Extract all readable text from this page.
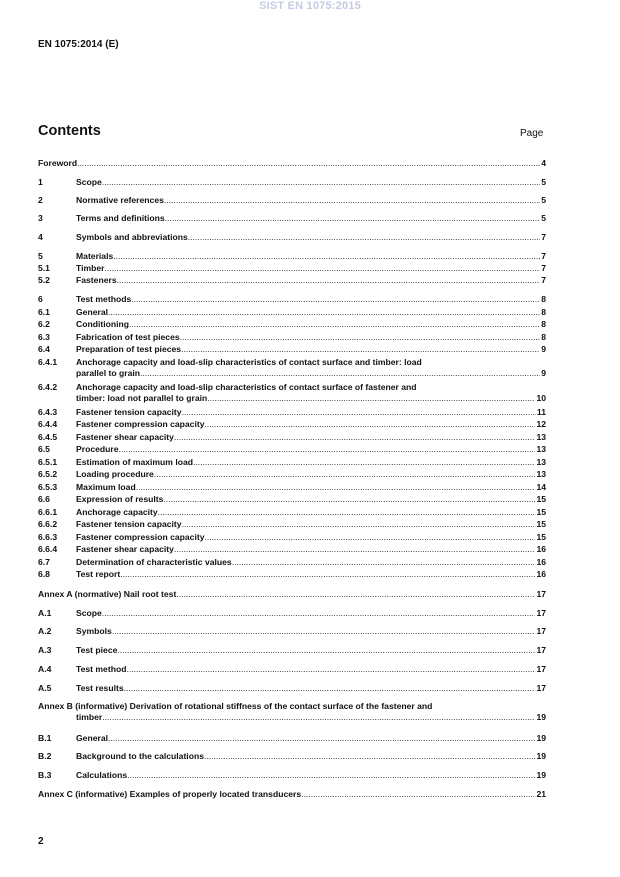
SIST EN 1075:2015
EN 1075:2014 (E)
Contents	Page
Foreword .....	4
1	Scope .....	5
2	Normative references .....	5
3	Terms and definitions .....	5
4	Symbols and abbreviations .....	7
5	Materials .....	7
5.1	Timber .....	7
5.2	Fasteners .....	7
6	Test methods .....	8
6.1	General .....	8
6.2	Conditioning .....	8
6.3	Fabrication of test pieces .....	8
6.4	Preparation of test pieces .....	9
6.4.1	Anchorage capacity and load-slip characteristics of contact surface and timber: load
parallel to grain .....	9
6.4.2	Anchorage capacity and load-slip characteristics of contact surface of fastener and
timber: load not parallel to grain .....	10
6.4.3	Fastener tension capacity .....	11
6.4.4	Fastener compression capacity .....	12
6.4.5	Fastener shear capacity .....	13
6.5	Procedure .....	13
6.5.1	Estimation of maximum load .....	13
6.5.2	Loading procedure .....	13
6.5.3	Maximum load .....	14
6.6	Expression of results .....	15
6.6.1	Anchorage capacity .....	15
6.6.2	Fastener tension capacity .....	15
6.6.3	Fastener compression capacity .....	15
6.6.4	Fastener shear capacity .....	16
6.7	Determination of characteristic values .....	16
6.8	Test report .....	16
Annex A (normative) Nail root test .....	17
A.1	Scope .....	17
A.2	Symbols .....	17
A.3	Test piece .....	17
A.4	Test method .....	17
A.5	Test results .....	17
Annex B (informative) Derivation of rotational stiffness of the contact surface of the fastener and
timber .....	19
B.1	General .....	19
B.2	Background to the calculations .....	19
B.3	Calculations .....	19
Annex C (informative) Examples of properly located transducers .....	21
2
